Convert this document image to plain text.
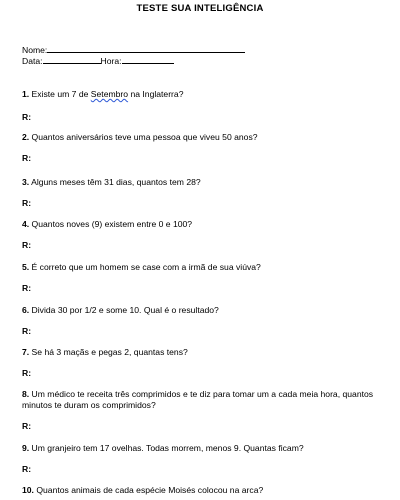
TESTE SUA INTELIGÊNCIA
Nome:
Data:	Hora:
1. Existe um 7 de Setembro na Inglaterra?
R:
2. Quantos aniversários teve uma pessoa que viveu 50 anos?
R:
3. Alguns meses têm 31 dias, quantos tem 28?
R:
4. Quantos noves (9) existem entre 0 e 100?
R:
5. É correto que um homem se case com a irmã de sua viúva?
R:
6. Divida 30 por 1/2 e some 10. Qual é o resultado?
R:
7. Se há 3 maçãs e pegas 2, quantas tens?
R:
8. Um médico te receita três comprimidos e te diz para tomar um a cada meia hora, quantos minutos te duram os comprimidos?
R:
9. Um granjeiro tem 17 ovelhas. Todas morrem, menos 9. Quantas ficam?
R:
10. Quantos animais de cada espécie Moisés colocou na arca?
